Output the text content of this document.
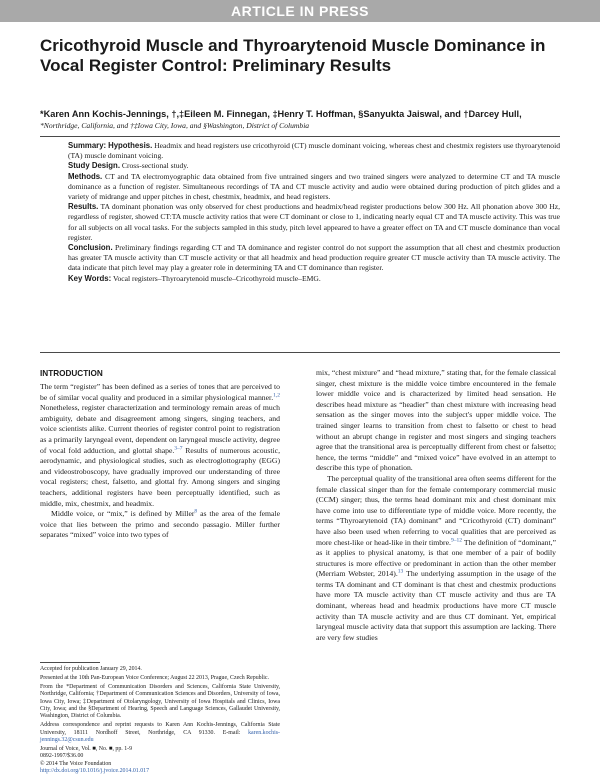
ARTICLE IN PRESS
Cricothyroid Muscle and Thyroarytenoid Muscle Dominance in Vocal Register Control: Preliminary Results
*Karen Ann Kochis-Jennings, †,‡Eileen M. Finnegan, ‡Henry T. Hoffman, §Sanyukta Jaiswal, and †Darcey Hull,
*Northridge, California, and †‡Iowa City, Iowa, and §Washington, District of Columbia

Summary: Hypothesis. Headmix and head registers use cricothyroid (CT) muscle dominant voicing, whereas chest and chestmix registers use thyroarytenoid (TA) muscle dominant voicing.

Study Design. Cross-sectional study.

Methods. CT and TA electromyographic data obtained from five untrained singers and two trained singers were analyzed to determine CT and TA muscle dominance as a function of register. Simultaneous recordings of TA and CT muscle activity and audio were obtained during production of pitch glides and a variety of midrange and upper pitches in chest, chestmix, headmix, and head registers.

Results. TA dominant phonation was only observed for chest productions and headmix/head register productions below 300 Hz. All phonation above 300 Hz, regardless of register, showed CT:TA muscle activity ratios that were CT dominant or close to 1, indicating nearly equal CT and TA muscle activity. This was true for all subjects on all vocal tasks. For the subjects sampled in this study, pitch level appeared to have a greater effect on TA and CT muscle dominance than vocal register.

Conclusion. Preliminary findings regarding CT and TA dominance and register control do not support the assumption that all chest and chestmix production has greater TA muscle activity than CT muscle activity or that all headmix and head production require greater CT muscle activity than TA muscle activity. The data indicate that pitch level may play a greater role in determining TA and CT dominance than register.

Key Words: Vocal registers–Thyroarytenoid muscle–Cricothyroid muscle–EMG.

INTRODUCTION

The term “register” has been defined as a series of tones that are perceived to be of similar vocal quality and produced in a similar physiological manner.$^{1,2}$ Nonetheless, register characterization and terminology remain areas of much ambiguity, debate and disagreement among singers, singing teachers, and voice scientists alike. Current theories of register control point to registration as a primarily laryngeal event, dependent on laryngeal muscle activity, degree of vocal fold adduction, and glottal shape.$^{3-7}$ Results of numerous acoustic, aerodynamic, and physiological studies, such as electroglottography (EGG) and videostroboscopy, have gradually improved our understanding of three vocal registers; chest, falsetto, and glottal fry. Among singers and singing teachers, additional registers have been perceptually identified, such as middle, mix, chestmix, and headmix.

Middle voice, or “mix,” is defined by Miller$^8$ as the area of the female voice that lies between the primo and secondo passagio. Miller further separates “mixed” voice into two types of

mix, “chest mixture” and “head mixture,” stating that, for the female classical singer, chest mixture is the middle voice timbre encountered in the female lower middle voice and is characterized by limited head sensation. He describes head mixture as “headier” than chest mixture with increasing head sensation as the singer moves into the subject's upper middle voice. The trained singer learns to transition from chest to falsetto or chest to head without an abrupt change in register and most singers and singing teachers agree that the transitional area is perceptually different from chest or falsetto; hence, the terms “middle” and “mixed voice” have evolved in an attempt to describe this type of phonation.

The perceptual quality of the transitional area often seems different for the female classical singer than for the female contemporary commercial music (CCM) singer; thus, the terms head dominant mix and chest dominant mix have come into use to differentiate type of middle voice. More recently, the terms “Thyroarytenoid (TA) dominant” and “Cricothyroid (CT) dominant” have also been used when referring to vocal qualities that are perceived as more chest-like or head-like in their timbre.$^{9-12}$ The definition of “dominant,” as it applies to physical anatomy, is that one member of a pair of bodily structures is more effective or predominant in action than the other member (Merriam Webster, 2014).$^{13}$ The underlying assumption in the usage of the terms TA dominant and CT dominant is that chest and chestmix productions have more TA muscle activity than CT muscle activity and thus are TA dominant, whereas head and headmix productions have more CT muscle activity than TA muscle activity and are thus CT dominant. Yet, empirical laryngeal muscle activity data that support this assumption are lacking. There are very few studies

Accepted for publication January 29, 2014.

Presented at the 10th Pan-European Voice Conference; August 22 2013, Prague, Czech Republic.

From the *Department of Communication Disorders and Sciences, California State University, Northridge, California; †Department of Communication Sciences and Disorders, University of Iowa, Iowa City, Iowa; ‡Department of Otolaryngology, University of Iowa Hospitals and Clinics, Iowa City, Iowa; and the §Department of Hearing, Speech and Language Sciences, Gallaudet University, Washington, District of Columbia.

Address correspondence and reprint requests to Karen Ann Kochis-Jennings, California State University, 18111 Nordhoff Street, Northridge, CA 91330. E-mail: karen.kochis-jennings.32@csun.edu

Journal of Voice, Vol. ■, No. ■, pp. 1-9

0892-1997/$36.00

© 2014 The Voice Foundation

http://dx.doi.org/10.1016/j.jvoice.2014.01.017
